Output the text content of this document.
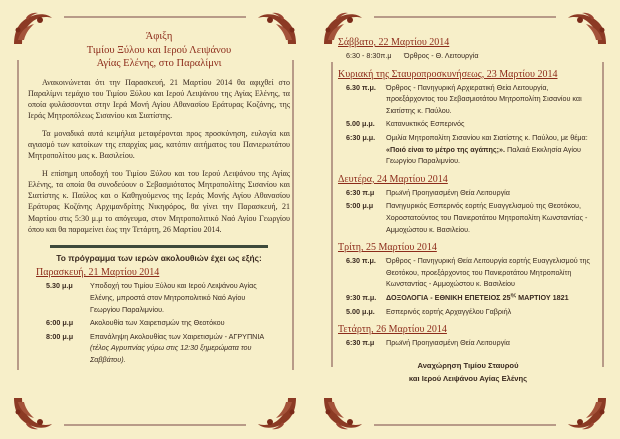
Άφιξη
Τιμίου Ξύλου και Ιερού Λειψάνου
Αγίας Ελένης, στο Παραλίμνι
Ανακοινώνεται ότι την Παρασκευή, 21 Μαρτίου 2014 θα αφιχθεί στο Παραλίμνι τεμάχιο του Τιμίου Ξύλου και Ιερού Λειψάνου της Αγίας Ελένης, τα οποία φυλάσσονται στην Ιερά Μονή Αγίου Αθανασίου Εράτυρας Κοζάνης, της Ιεράς Μητροπόλεως Σισανίου και Σιατίστης.
Τα μοναδικά αυτά κειμήλια μεταφέρονται προς προσκύνηση, ευλογία και αγιασμό των κατοίκων της επαρχίας μας, κατόπιν αιτήματος του Πανιερωτάτου Μητροπολίτου μας κ. Βασιλείου.
Η επίσημη υποδοχή του Τιμίου Ξύλου και του Ιερού Λειψάνου της Αγίας Ελένης, τα οποία θα συνοδεύουν ο Σεβασμιότατος Μητροπολίτης Σισανίου και Σιατίστης κ. Παύλος και ο Καθηγούμενος της Ιεράς Μονής Αγίου Αθανασίου Εράτυρας Κοζάνης Αρχιμανδρίτης Νικηφόρος, θα γίνει την Παρασκευή, 21 Μαρτίου στις 5:30 μ.μ το απόγευμα, στον Μητροπολιτικό Ναό Αγίου Γεωργίου όπου και θα παραμείνει έως την Τετάρτη, 26 Μαρτίου 2014.
Το πρόγραμμα των ιερών ακολουθιών έχει ως εξής:
Παρασκευή, 21 Μαρτίου 2014
5.30 μ.μ	Υποδοχή του Τιμίου Ξύλου και Ιερού Λειψάνου Αγίας Ελένης, μπροστά στον Μητροπολιτικό Ναό Αγίου Γεωργίου Παραλιμνίου.
6:00 μ.μ	Ακολουθία των Χαιρετισμών της Θεοτόκου
8:00 μ.μ	Επανάληψη Ακολουθίας των Χαιρετισμών - ΑΓΡΥΠΝΙΑ (τέλος Αγρυπνίας γύρω στις 12:30 ξημερώματα του Σαββάτου).
Σάββατο, 22 Μαρτίου 2014
6:30 - 8:30π.μ	Όρθρος - Θ. Λειτουργία
Κυριακή της Σταυροπροσκυνήσεως, 23 Μαρτίου 2014
6.30 π.μ.	Όρθρος - Πανηγυρική Αρχιερατική Θεία Λειτουργία, προεξάρχοντος του Σεβασμιοτάτου Μητροπολίτη Σισανίου και Σιατίστης κ. Παύλου.
5.00 μ.μ.	Κατανυκτικός Εσπερινός
6:30 μ.μ.	Ομιλία Μητροπολίτη Σισανίου και Σιατίστης κ. Παύλου, με θέμα: «Ποιό είναι το μέτρο της αγάπης;». Παλαιά Εκκλησία Αγίου Γεωργίου Παραλιμνίου.
Δευτέρα, 24 Μαρτίου 2014
6:30 π.μ	Πρωϊνή Προηγιασμένη Θεία Λειτουργία
5:00 μ.μ	Πανηγυρικός Εσπερινός εορτής Ευαγγελισμού της Θεοτόκου, Χοροστατούντος του Πανιεροτάτου Μητροπολίτη Κωνσταντίας - Αμμοχώστου κ. Βασιλείου.
Τρίτη, 25 Μαρτίου 2014
6.30 π.μ.	Όρθρος - Πανηγυρική Θεία Λειτουργία εορτής Ευαγγελισμού της Θεοτόκου, προεξάρχοντος του Πανιεροτάτου Μητροπολίτη Κωνσταντίας - Αμμοχώστου κ. Βασιλείου
9:30 π.μ.	ΔΟΞΟΛΟΓΙΑ - ΕΘΝΙΚΗ ΕΠΕΤΕΙΟΣ $25^{\eta\varsigma}$ ΜΑΡΤΙΟΥ 1821
5.00 μ.μ.	Εσπερινός εορτής Αρχαγγέλου Γαβριήλ
Τετάρτη, 26 Μαρτίου 2014
6:30 π.μ	Πρωϊνή Προηγιασμένη Θεία Λειτουργία
Αναχώρηση Τιμίου Σταυρού
και Ιερού Λειψάνου Αγίας Ελένης
